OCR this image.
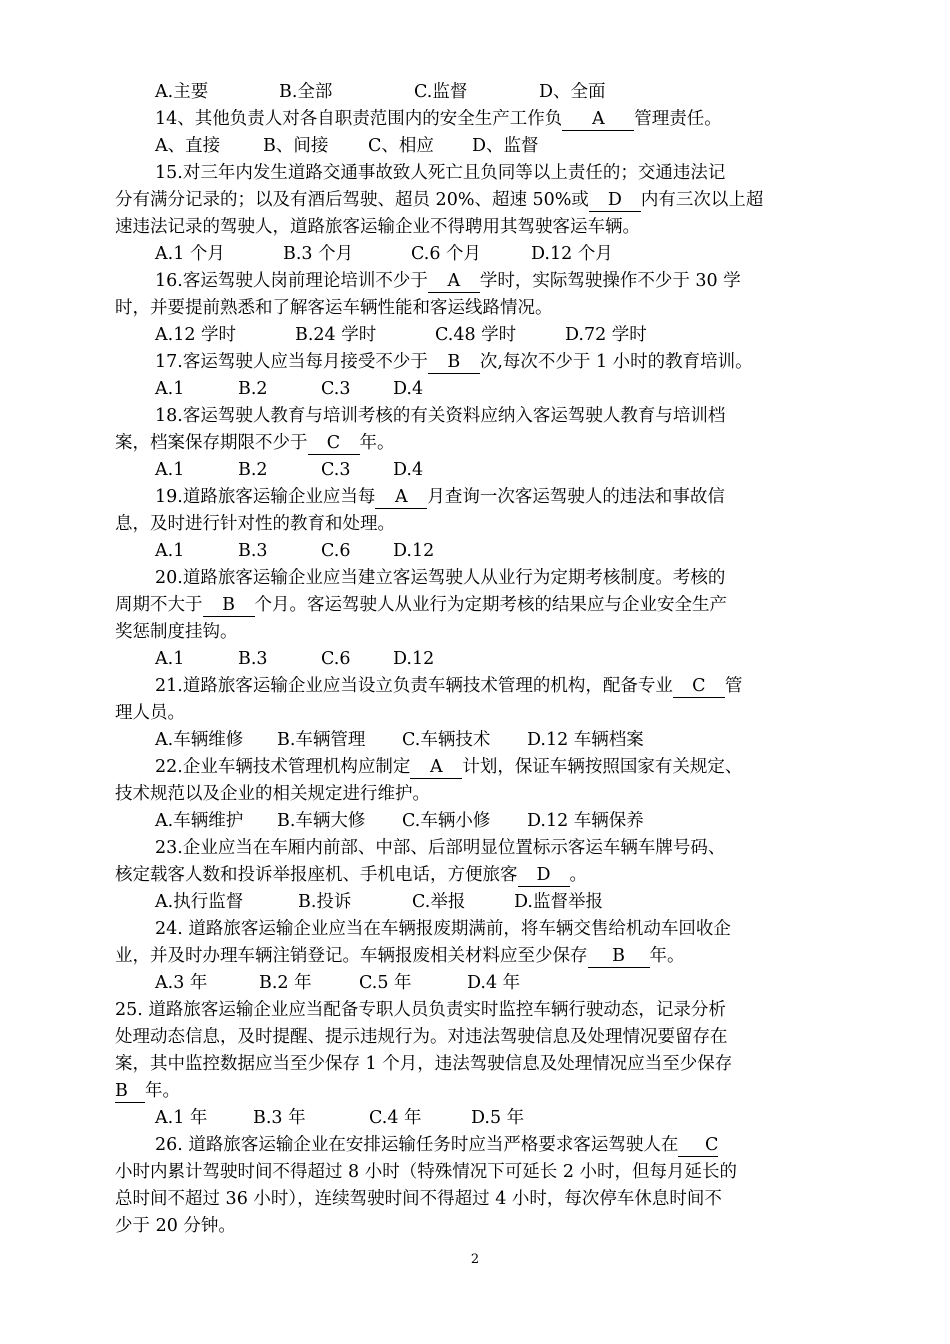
A.主要	B.全部	C.监督	D、全面
14、其他负责人对各自职责范围内的安全生产工作负 A 管理责任。
A、直接	B、间接	C、相应	D、监督
15.对三年内发生道路交通事故致人死亡且负同等以上责任的；交通违法记
分有满分记录的；以及有酒后驾驶、超员 20%、超速 50%或 D 内有三次以上超
速违法记录的驾驶人，道路旅客运输企业不得聘用其驾驶客运车辆。
A.1 个月	B.3 个月	C.6 个月	D.12 个月
16.客运驾驶人岗前理论培训不少于 A 学时，实际驾驶操作不少于 30 学
时，并要提前熟悉和了解客运车辆性能和客运线路情况。
A.12 学时	B.24 学时	C.48 学时	D.72 学时
17.客运驾驶人应当每月接受不少于 B 次,每次不少于 1 小时的教育培训。
A.1	B.2	C.3	D.4
18.客运驾驶人教育与培训考核的有关资料应纳入客运驾驶人教育与培训档
案，档案保存期限不少于 C 年。
A.1	B.2	C.3	D.4
19.道路旅客运输企业应当每 A 月查询一次客运驾驶人的违法和事故信
息，及时进行针对性的教育和处理。
A.1	B.3	C.6	D.12
20.道路旅客运输企业应当建立客运驾驶人从业行为定期考核制度。考核的
周期不大于 B 个月。客运驾驶人从业行为定期考核的结果应与企业安全生产
奖惩制度挂钩。
A.1	B.3	C.6	D.12
21.道路旅客运输企业应当设立负责车辆技术管理的机构，配备专业 C 管
理人员。
A.车辆维修	B.车辆管理	C.车辆技术	D.12 车辆档案
22.企业车辆技术管理机构应制定 A 计划，保证车辆按照国家有关规定、
技术规范以及企业的相关规定进行维护。
A.车辆维护	B.车辆大修	C.车辆小修	D.12 车辆保养
23.企业应当在车厢内前部、中部、后部明显位置标示客运车辆车牌号码、
核定载客人数和投诉举报座机、手机电话，方便旅客 D 。
A.执行监督	B.投诉	C.举报	D.监督举报
24. 道路旅客运输企业应当在车辆报废期满前，将车辆交售给机动车回收企
业，并及时办理车辆注销登记。车辆报废相关材料应至少保存 B 年。
A.3 年	B.2 年	C.5 年	D.4 年
25. 道路旅客运输企业应当配备专职人员负责实时监控车辆行驶动态，记录分析
处理动态信息，及时提醒、提示违规行为。对违法驾驶信息及处理情况要留存在
案，其中监控数据应当至少保存 1 个月，违法驾驶信息及处理情况应当至少保存
B 年。
A.1 年	B.3 年	C.4 年	D.5 年
26. 道路旅客运输企业在安排运输任务时应当严格要求客运驾驶人在 C
小时内累计驾驶时间不得超过 8 小时（特殊情况下可延长 2 小时，但每月延长的
总时间不超过 36 小时），连续驾驶时间不得超过 4 小时，每次停车休息时间不
少于 20 分钟。
2
